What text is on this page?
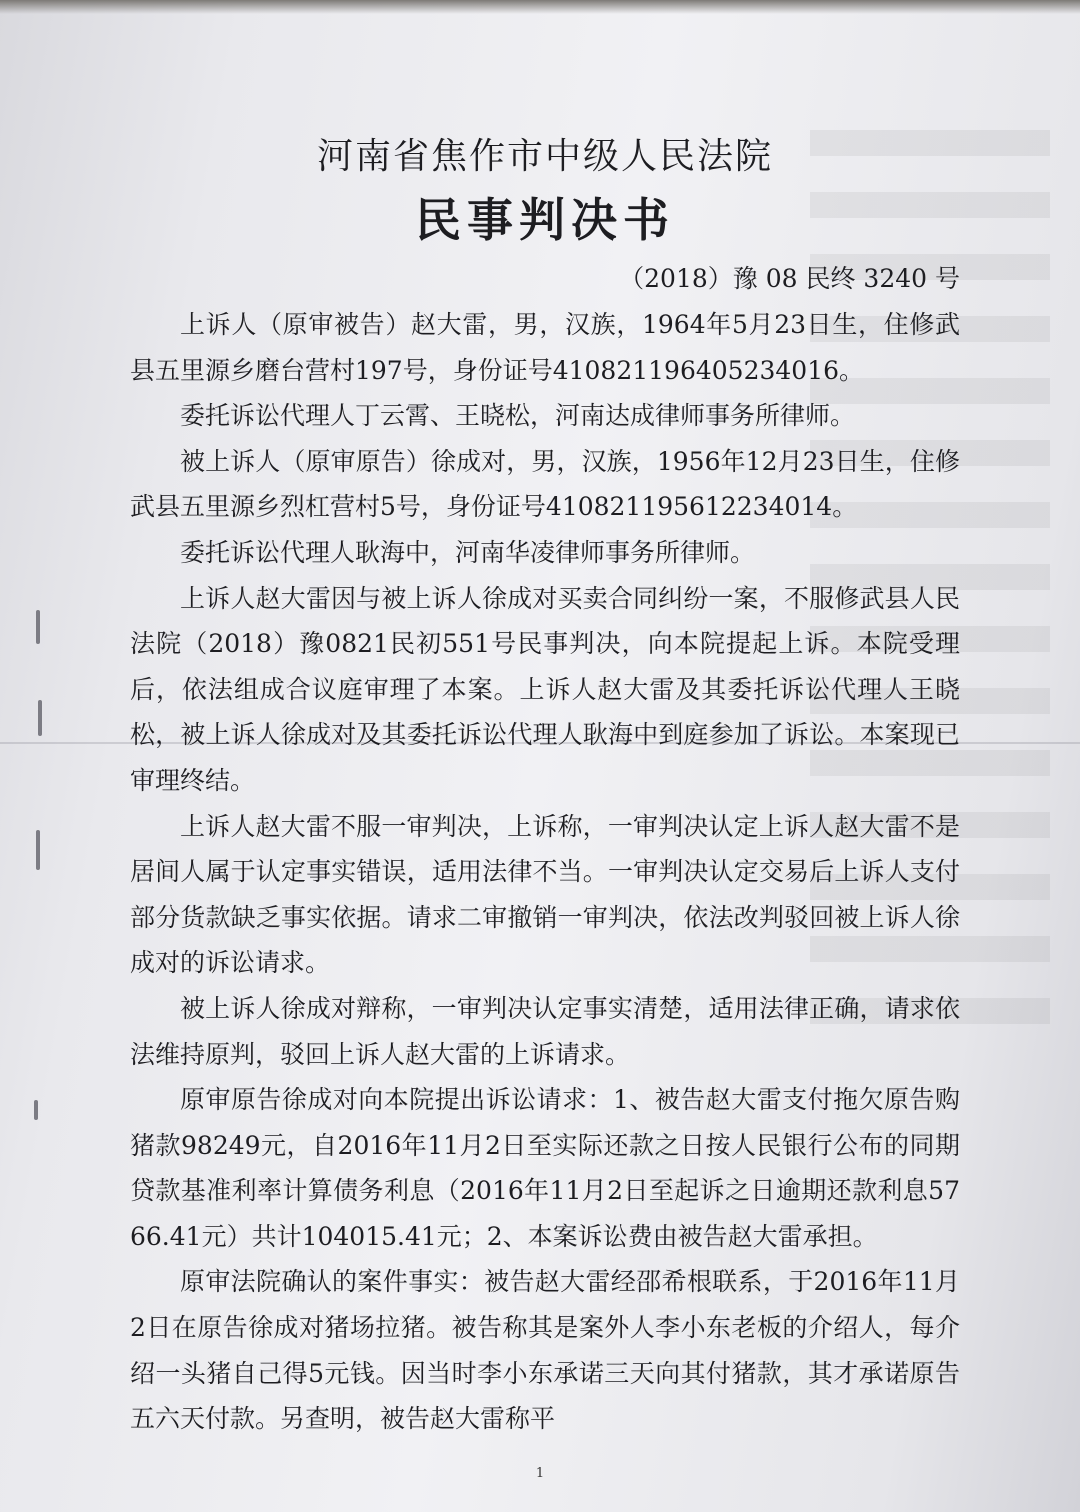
河南省焦作市中级人民法院
民事判决书

（2018）豫 08 民终 3240 号

上诉人（原审被告）赵大雷，男，汉族，1964年5月23日生，住修武县五里源乡磨台营村197号，身份证号410821196405234016。

委托诉讼代理人丁云霄、王晓松，河南达成律师事务所律师。

被上诉人（原审原告）徐成对，男，汉族，1956年12月23日生，住修武县五里源乡烈杠营村5号，身份证号410821195612234014。

委托诉讼代理人耿海中，河南华凌律师事务所律师。

上诉人赵大雷因与被上诉人徐成对买卖合同纠纷一案，不服修武县人民法院（2018）豫0821民初551号民事判决，向本院提起上诉。本院受理后，依法组成合议庭审理了本案。上诉人赵大雷及其委托诉讼代理人王晓松，被上诉人徐成对及其委托诉讼代理人耿海中到庭参加了诉讼。本案现已审理终结。

上诉人赵大雷不服一审判决，上诉称，一审判决认定上诉人赵大雷不是居间人属于认定事实错误，适用法律不当。一审判决认定交易后上诉人支付部分货款缺乏事实依据。请求二审撤销一审判决，依法改判驳回被上诉人徐成对的诉讼请求。

被上诉人徐成对辩称，一审判决认定事实清楚，适用法律正确，请求依法维持原判，驳回上诉人赵大雷的上诉请求。

原审原告徐成对向本院提出诉讼请求：1、被告赵大雷支付拖欠原告购猪款98249元，自2016年11月2日至实际还款之日按人民银行公布的同期贷款基准利率计算债务利息（2016年11月2日至起诉之日逾期还款利息5766.41元）共计104015.41元；2、本案诉讼费由被告赵大雷承担。

原审法院确认的案件事实：被告赵大雷经邵希根联系，于2016年11月2日在原告徐成对猪场拉猪。被告称其是案外人李小东老板的介绍人，每介绍一头猪自己得5元钱。因当时李小东承诺三天向其付猪款，其才承诺原告五六天付款。另查明，被告赵大雷称平

1
